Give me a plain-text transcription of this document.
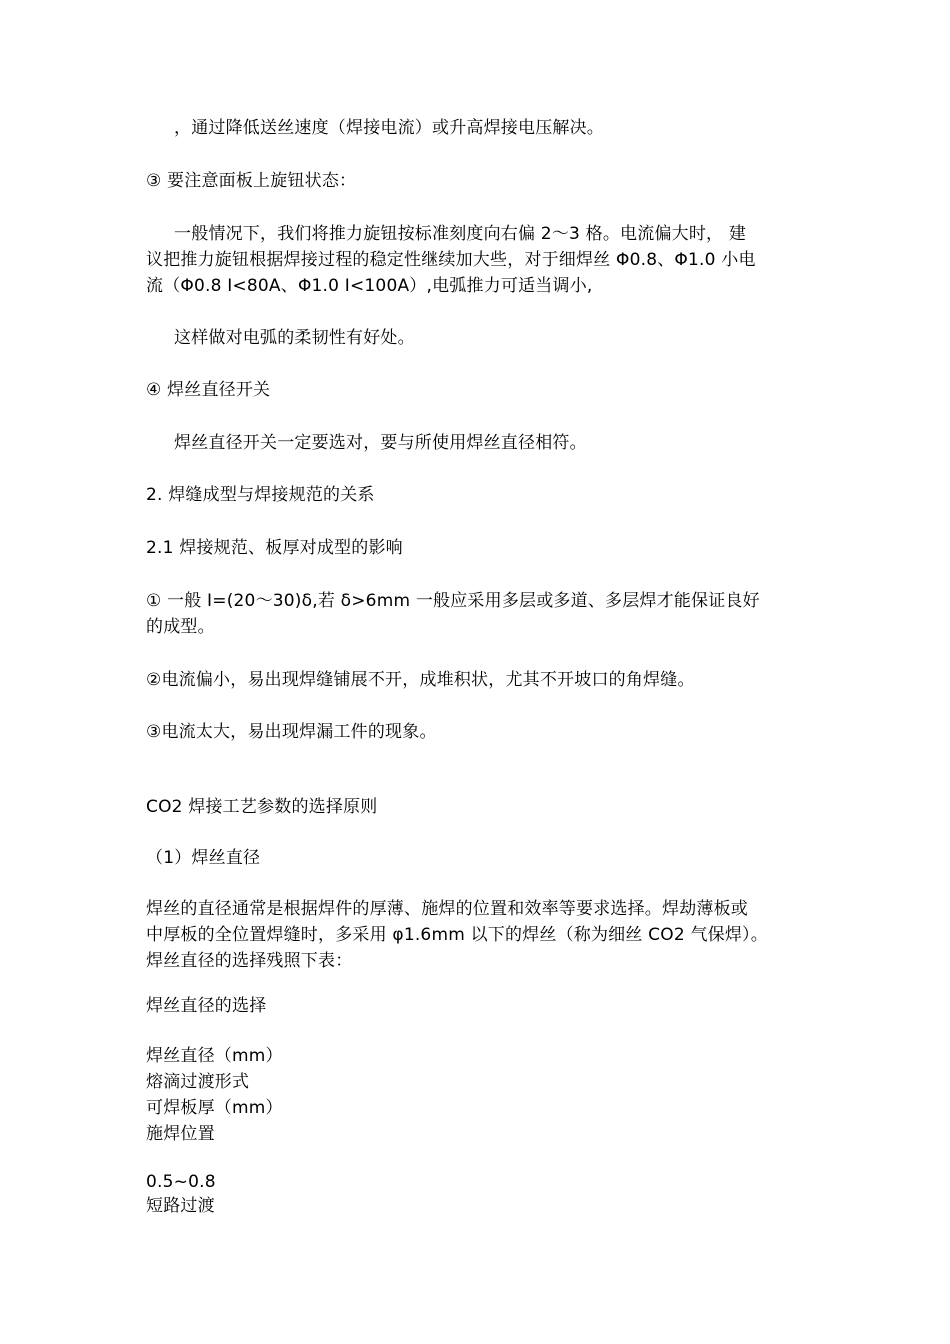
，通过降低送丝速度（焊接电流）或升高焊接电压解决。
③ 要注意面板上旋钮状态：
一般情况下，我们将推力旋钮按标准刻度向右偏 2～3 格。电流偏大时， 建
议把推力旋钮根据焊接过程的稳定性继续加大些，对于细焊丝 Φ0.8、Φ1.0 小电
流（Φ0.8 I<80A、Φ1.0 I<100A）,电弧推力可适当调小,
这样做对电弧的柔韧性有好处。
④ 焊丝直径开关
焊丝直径开关一定要选对，要与所使用焊丝直径相符。
2. 焊缝成型与焊接规范的关系
2.1 焊接规范、板厚对成型的影响
① 一般 I=(20～30)δ,若 δ>6mm 一般应采用多层或多道、多层焊才能保证良好
的成型。
②电流偏小，易出现焊缝铺展不开，成堆积状，尤其不开坡口的角焊缝。
③电流太大，易出现焊漏工件的现象。
CO2 焊接工艺参数的选择原则
（1）焊丝直径
焊丝的直径通常是根据焊件的厚薄、施焊的位置和效率等要求选择。焊劫薄板或
中厚板的全位置焊缝时，多采用 φ1.6mm 以下的焊丝（称为细丝 CO2 气保焊）。
焊丝直径的选择残照下表：
焊丝直径的选择
焊丝直径（mm）
熔滴过渡形式
可焊板厚（mm）
施焊位置
0.5~0.8
短路过渡
